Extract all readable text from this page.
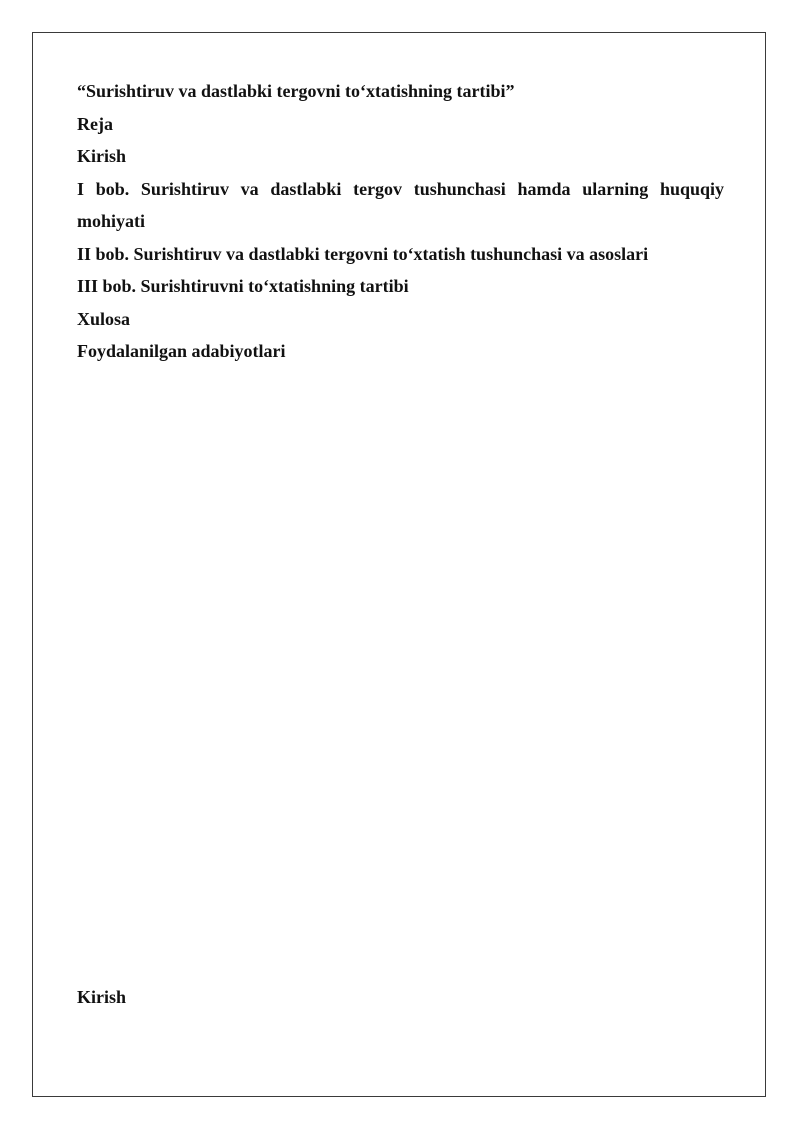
“Surishtiruv va dastlabki tergovni to‘xtatishning tartibi”

Reja

Kirish

I bob. Surishtiruv va dastlabki tergov tushunchasi hamda ularning huquqiy

mohiyati

II bob. Surishtiruv va dastlabki tergovni to‘xtatish tushunchasi va asoslari

III bob. Surishtiruvni to‘xtatishning tartibi

Xulosa

Foydalanilgan adabiyotlari

Kirish
